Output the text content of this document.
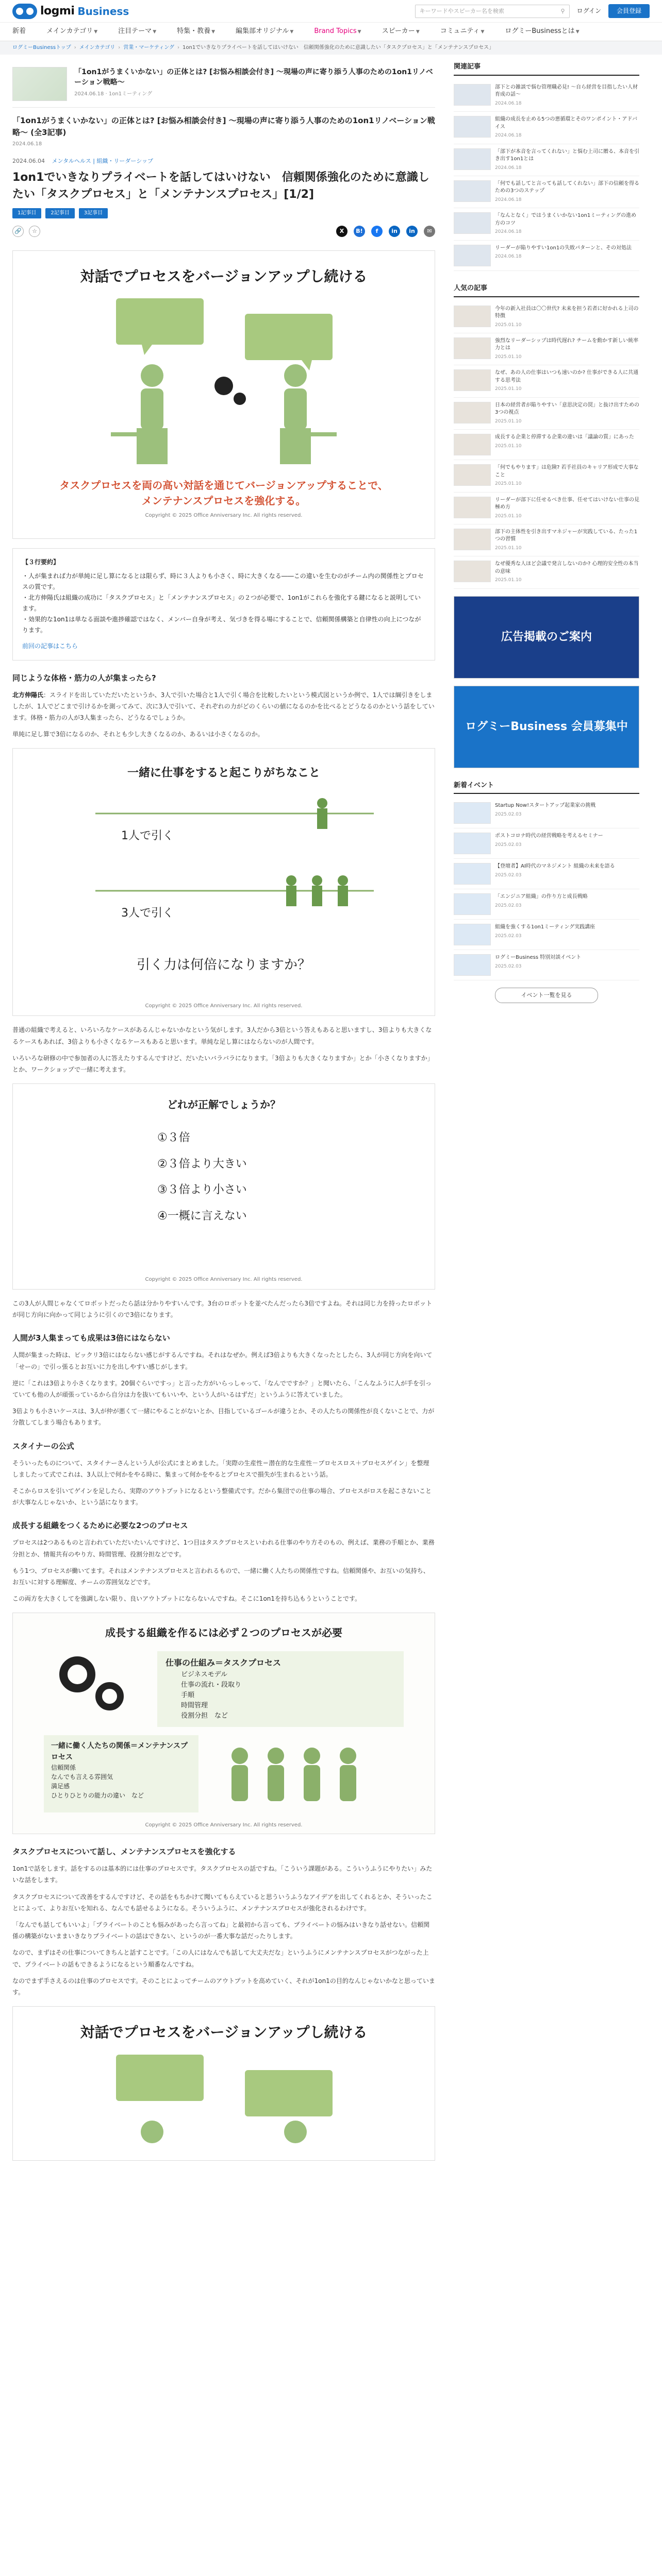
logmi Business	キーワードやスピーカー名を検索	⚲ ログイン	会員登録
新着	メインカテゴリ ▼	注目テーマ ▼	特集・教養 ▼	編集部オリジナル ▼	Brand Topics ▼	スピーカー ▼	コミュニティ ▼	ログミーBusinessとは ▼
ログミーBusinessトップ › メインカテゴリ › 営業・マーケティング › 1on1でいきなりプライベートを話してはいけない　信頼関係強化のために意識したい「タスクプロセス」と「メンテナンスプロセス」
「1on1がうまくいかない」の正体とは? [お悩み相談会付き] ～現場の声に寄り添う人事のための1on1リノベーション戦略～
2024.06.18 · 1on1ミーティング
「1on1がうまくいかない」の正体とは? [お悩み相談会付き] ～現場の声に寄り添う人事のための1on1リノベーション戦略～ (全3記事)
2024.06.18
2024.06.04 メンタルヘルス | 組織・リーダーシップ
1on1でいきなりプライベートを話してはいけない　信頼関係強化のために意識したい「タスクプロセス」と「メンテナンスプロセス」[1/2]
1記事目	2記事目	3記事目
🔗	☆	X	B!	f	in	in	✉
対話でプロセスをバージョンアップし続ける
タスクプロセスを両の高い対話を通じてバージョンアップすることで、メンテナンスプロセスを強化する。
Copyright © 2025 Office Anniversary Inc. All rights reserved.
【３行要約】
・人が集まれば力が単純に足し算になるとは限らず、時に３人よりも小さく、時に大きくなる――この違いを生むのがチーム内の関係性とプロセスの質です。
・北方伸陽氏は組織の成功に「タスクプロセス」と「メンテナンスプロセス」の２つが必要で、1on1がこれらを強化する鍵になると説明しています。
・効果的な1on1は単なる面談や進捗確認ではなく、メンバー自身が考え、気づきを得る場にすることで、信頼関係構築と自律性の向上につながります。
前回の記事はこちら
同じような体格・筋力の人が集まったら?

北方伸陽氏：スライドを出していただいたというか、3人で引いた場合と1人で引く場合を比較したいという模式図というか例で、1人では綱引きをしましたが、1人でどこまで引けるかを測ってみて、次に3人で引いて、それぞれの力がどのくらいの値になるのかを比べるとどうなるのかという話をしています。体格・筋力の人が3人集まったら、どうなるでしょうか。

単純に足し算で3倍になるのか、それとも少し大きくなるのか、あるいは小さくなるのか。

一緒に仕事をすると起こりがちなこと
1人で引く
3人で引く
引く力は何倍になりますか？
Copyright © 2025 Office Anniversary Inc. All rights reserved.

普通の組織で考えると、いろいろなケースがあるんじゃないかなという気がします。3人だから3倍という答えもあると思いますし、3倍よりも大きくなるケースもあれば、3倍よりも小さくなるケースもあると思います。単純な足し算にはならないのが人間です。

いろいろな研修の中で参加者の人に答えたりするんですけど、だいたいバラバラになります。「3倍よりも大きくなりますか」とか「小さくなりますか」とか、ワークショップで一緒に考えます。

どれが正解でしょうか？
①３倍
②３倍より大きい
③３倍より小さい
④一概に言えない
Copyright © 2025 Office Anniversary Inc. All rights reserved.

この3人が人間じゃなくてロボットだったら話は分かりやすいんです。3台のロボットを並べたんだったら3倍ですよね。それは同じ力を持ったロボットが同じ方向に向かって同じように引くので3倍になります。

人間が3人集まっても成果は3倍にはならない

人間が集まった時は、ビックリ3倍にはならない感じがするんですね。それはなぜか。例えば3倍よりも大きくなったとしたら、3人が同じ方向を向いて「せーの」で引っ張るとお互いに力を出しやすい感じがします。

逆に「これは3倍より小さくなります。20個ぐらいですっ」と言った方がいらっしゃって、「なんでですか？」と聞いたら、「こんなふうに人が手を引っていても他の人が頑張っているから自分は力を抜いてもいいや、という人がいるはずだ」というふうに答えていました。

3倍よりも小さいケースは、3人が仲が悪くて一緒にやることがないとか、目指しているゴールが違うとか、その人たちの関係性が良くないことで、力が分散してしまう場合もあります。

スタイナーの公式

そういったものについて、スタイナーさんという人が公式にまとめました。「実際の生産性＝潜在的な生産性－プロセスロス＋プロセスゲイン」を整理しましたって式でこれは、3人以上で何かをやる時に、集まって何かをやるとプロセスで損失が生まれるという話。

そこからロスを引いてゲインを足したら、実際のアウトプットになるという整備式です。だから集団での仕事の場合、プロセスがロスを起こさないことが大事なんじゃないか、という話になります。

成長する組織をつくるために必要な2つのプロセス

プロセスは2つあるものと言われていただいたいんですけど、1つ目はタスクプロセスといわれる仕事のやり方そのもの、例えば、業務の手順とか、業務分担とか、情報共有のやり方、時間管理、役割分担などです。

もう1つ、プロセスが働いてます。それはメンテナンスプロセスと言われるもので、一緒に働く人たちの関係性ですね。信頼関係や、お互いの気持ち、お互いに対する理解度、チームの雰囲気などです。

この両方を大きくしてを強調しない限り、良いアウトプットにならないんですね。そこに1on1を持ち込もうということです。

成長する組織を作るには必ず２つのプロセスが必要
仕事の仕組み＝タスクプロセス
ビジネスモデル
仕事の流れ・段取り
手順
時間管理
役割分担　など
一緒に働く人たちの関係＝メンテナンスプロセス
信頼関係
なんでも言える雰囲気
満足感
ひとりひとりの能力の違い　など
Copyright © 2025 Office Anniversary Inc. All rights reserved.
タスクプロセスについて話し、メンテナンスプロセスを強化する

1on1で話をします。話をするのは基本的には仕事のプロセスです。タスクプロセスの話ですね。「こういう課題がある。こういうふうにやりたい」みたいな話をします。

タスクプロセスについて改善をするんですけど、その話をもちかけて聞いてもらえていると思ういうふうなアイデアを出してくれるとか、そういったことによって、よりお互いを知れる、なんでも話せるようになる。そういうふうに、メンテナンスプロセスが強化されるわけです。

「なんでも話してもいいよ」「プライベートのことも悩みがあったら言ってね」と最初から言っても、プライベートの悩みはいきなり話せない。信頼関係の構築がないままいきなりプライベートの話はできない、というのが一番大事な話だったりします。

なので、まずはその仕事についてきちんと話すことです。「この人にはなんでも話して大丈夫だな」というふうにメンテナンスプロセスがつながった上で、プライベートの話もできるようになるという順番なんですね。

なのでまず手さえるのは仕事のプロセスです。そのことによってチームのアウトプットを高めていく、それが1on1の目的なんじゃないかなと思っています。

対話でプロセスをバージョンアップし続ける
関連記事
部下との雑談で悩む管理職必見! ～自ら経営を目指したい人材育成の話～
2024.06.18
組織の成長を止める5つの悪循環とそのワンポイント・アドバイス
2024.06.18
「部下が本音を言ってくれない」と悩む上司に贈る、本音を引き出す1on1とは
2024.06.18
「何でも話してと言っても話してくれない」部下の信頼を得るための3つのステップ
2024.06.18
「なんとなく」ではうまくいかない1on1ミーティングの進め方のコツ
2024.06.18
リーダーが陥りやすい1on1の失敗パターンと、その対処法
2024.06.18
人気の記事
今年の新入社員は〇〇世代? 未来を担う若者に好かれる上司の特徴
2025.01.10
強烈なリーダーシップは時代遅れ? チームを動かす新しい統率力とは
2025.01.10
なぜ、あの人の仕事はいつも速いのか? 仕事ができる人に共通する思考法
2025.01.10
日本の経営者が陥りやすい「意思決定の罠」と抜け出すための3つの視点
2025.01.10
成長する企業と停滞する企業の違いは「議論の質」にあった
2025.01.10
「何でもやります」は危険? 若手社員のキャリア形成で大事なこと
2025.01.10
リーダーが部下に任せるべき仕事、任せてはいけない仕事の見極め方
2025.01.10
部下の主体性を引き出すマネジャーが実践している、たった1つの習慣
2025.01.10
なぜ優秀な人ほど会議で発言しないのか? 心理的安全性の本当の意味
2025.01.10
広告掲載のご案内
ログミーBusiness 会員募集中
新着イベント
Startup Now!スタートアップ起業家の挑戦
2025.02.03
ポストコロナ時代の経営戦略を考えるセミナー
2025.02.03
【登壇者】AI時代のマネジメント 組織の未来を語る
2025.02.03
「エンジニア組織」の作り方と成長戦略
2025.02.03
組織を強くする1on1ミーティング実践講座
2025.02.03
ログミーBusiness 特別対談イベント
2025.02.03
イベント一覧を見る
